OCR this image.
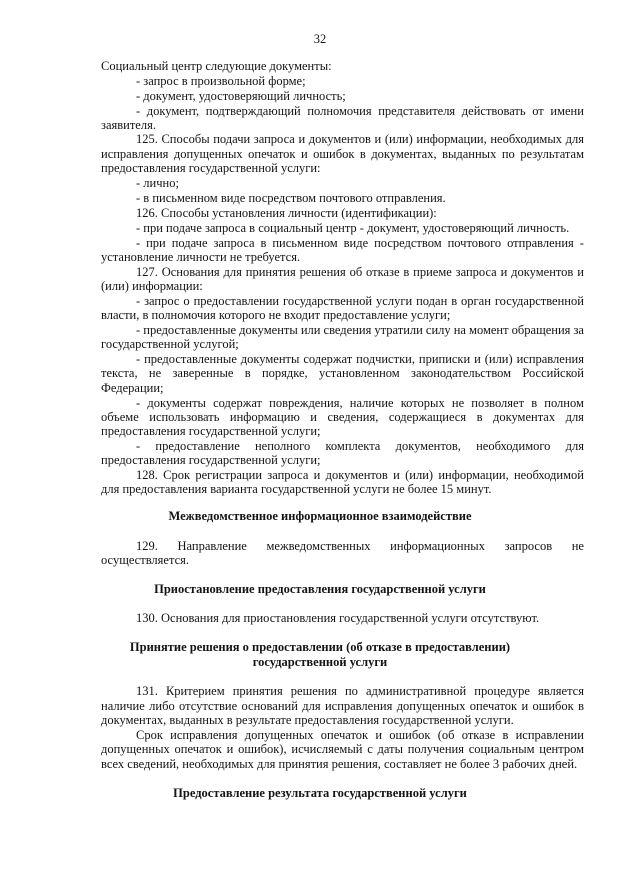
32
Социальный центр следующие документы:
- запрос в произвольной форме;
- документ, удостоверяющий личность;
- документ, подтверждающий полномочия представителя действовать от имени
заявителя.
125. Способы подачи запроса и документов и (или) информации, необходимых для
исправления допущенных опечаток и ошибок в документах, выданных по результатам
предоставления государственной услуги:
- лично;
- в письменном виде посредством почтового отправления.
126. Способы установления личности (идентификации):
- при подаче запроса в социальный центр - документ, удостоверяющий личность.
- при подаче запроса в письменном виде посредством почтового отправления -
установление личности не требуется.
127. Основания для принятия решения об отказе в приеме запроса и документов и
(или) информации:
- запрос о предоставлении государственной услуги подан в орган государственной
власти, в полномочия которого не входит предоставление услуги;
- предоставленные документы или сведения утратили силу на момент обращения за
государственной услугой;
- предоставленные документы содержат подчистки, приписки и (или) исправления
текста, не заверенные в порядке, установленном законодательством Российской
Федерации;
- документы содержат повреждения, наличие которых не позволяет в полном
объеме использовать информацию и сведения, содержащиеся в документах для
предоставления государственной услуги;
- предоставление неполного комплекта документов, необходимого для
предоставления государственной услуги;
128. Срок регистрации запроса и документов и (или) информации, необходимой
для предоставления варианта государственной услуги не более 15 минут.
Межведомственное информационное взаимодействие
129. Направление межведомственных информационных запросов не
осуществляется.
Приостановление предоставления государственной услуги
130. Основания для приостановления государственной услуги отсутствуют.
Принятие решения о предоставлении (об отказе в предоставлении)
государственной услуги
131. Критерием принятия решения по административной процедуре является
наличие либо отсутствие оснований для исправления допущенных опечаток и ошибок в
документах, выданных в результате предоставления государственной услуги.
Срок исправления допущенных опечаток и ошибок (об отказе в исправлении
допущенных опечаток и ошибок), исчисляемый с даты получения социальным центром
всех сведений, необходимых для принятия решения, составляет не более 3 рабочих дней.
Предоставление результата государственной услуги
